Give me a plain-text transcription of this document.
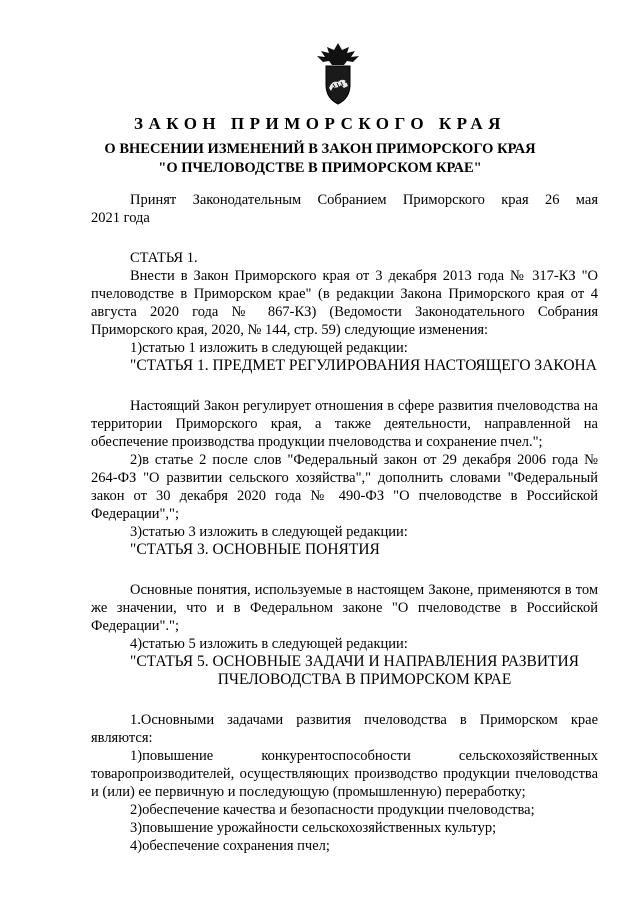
ЗАКОН ПРИМОРСКОГО КРАЯ
О ВНЕСЕНИИ ИЗМЕНЕНИЙ В ЗАКОН ПРИМОРСКОГО КРАЯ
"О ПЧЕЛОВОДСТВЕ В ПРИМОРСКОМ КРАЕ"

Принят Законодательным Собранием Приморского края 26 мая

2021 года

СТАТЬЯ 1.

Внести в Закон Приморского края от 3 декабря 2013 года № 317-КЗ "О пчеловодстве в Приморском крае" (в редакции Закона Приморского края от 4 августа 2020 года № 867-КЗ) (Ведомости Законодательного Собрания Приморского края, 2020, № 144, стр. 59) следующие изменения:

1)статью 1 изложить в следующей редакции:

"СТАТЬЯ 1. ПРЕДМЕТ РЕГУЛИРОВАНИЯ НАСТОЯЩЕГО ЗАКОНА

Настоящий Закон регулирует отношения в сфере развития пчеловодства на территории Приморского края, а также деятельности, направленной на обеспечение производства продукции пчеловодства и сохранение пчел.";

2)в статье 2 после слов "Федеральный закон от 29 декабря 2006 года № 264-ФЗ "О развитии сельского хозяйства"," дополнить словами "Федеральный закон от 30 декабря 2020 года № 490-ФЗ "О пчеловодстве в Российской Федерации",";

3)статью 3 изложить в следующей редакции:

"СТАТЬЯ 3. ОСНОВНЫЕ ПОНЯТИЯ

Основные понятия, используемые в настоящем Законе, применяются в том же значении, что и в Федеральном законе "О пчеловодстве в Российской Федерации".";

4)статью 5 изложить в следующей редакции:

"СТАТЬЯ 5. ОСНОВНЫЕ ЗАДАЧИ И НАПРАВЛЕНИЯ РАЗВИТИЯ

ПЧЕЛОВОДСТВА В ПРИМОРСКОМ КРАЕ

1.Основными задачами развития пчеловодства в Приморском крае являются:

1)повышение конкурентоспособности сельскохозяйственных товаропроизводителей, осуществляющих производство продукции пчеловодства и (или) ее первичную и последующую (промышленную) переработку;

2)обеспечение качества и безопасности продукции пчеловодства;

3)повышение урожайности сельскохозяйственных культур;

4)обеспечение сохранения пчел;
